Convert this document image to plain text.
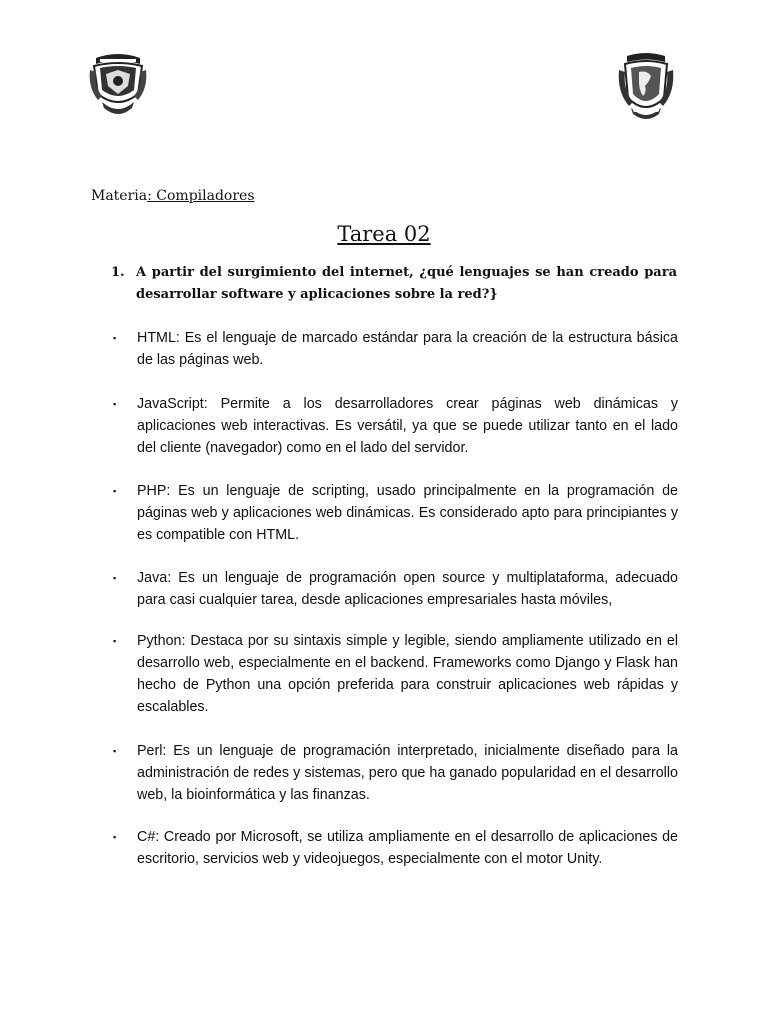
Materia: Compiladores
Tarea 02
1. A partir del surgimiento del internet, ¿qué lenguajes se han creado para desarrollar software y aplicaciones sobre la red?}
▪	HTML: Es el lenguaje de marcado estándar para la creación de la estructura básica de las páginas web.
▪	JavaScript: Permite a los desarrolladores crear páginas web dinámicas y aplicaciones web interactivas. Es versátil, ya que se puede utilizar tanto en el lado del cliente (navegador) como en el lado del servidor.
▪	PHP: Es un lenguaje de scripting, usado principalmente en la programación de páginas web y aplicaciones web dinámicas. Es considerado apto para principiantes y es compatible con HTML.
▪	Java: Es un lenguaje de programación open source y multiplataforma, adecuado para casi cualquier tarea, desde aplicaciones empresariales hasta móviles,
▪	Python: Destaca por su sintaxis simple y legible, siendo ampliamente utilizado en el desarrollo web, especialmente en el backend. Frameworks como Django y Flask han hecho de Python una opción preferida para construir aplicaciones web rápidas y escalables.
▪	Perl: Es un lenguaje de programación interpretado, inicialmente diseñado para la administración de redes y sistemas, pero que ha ganado popularidad en el desarrollo web, la bioinformática y las finanzas.
▪	C#: Creado por Microsoft, se utiliza ampliamente en el desarrollo de aplicaciones de escritorio, servicios web y videojuegos, especialmente con el motor Unity.
